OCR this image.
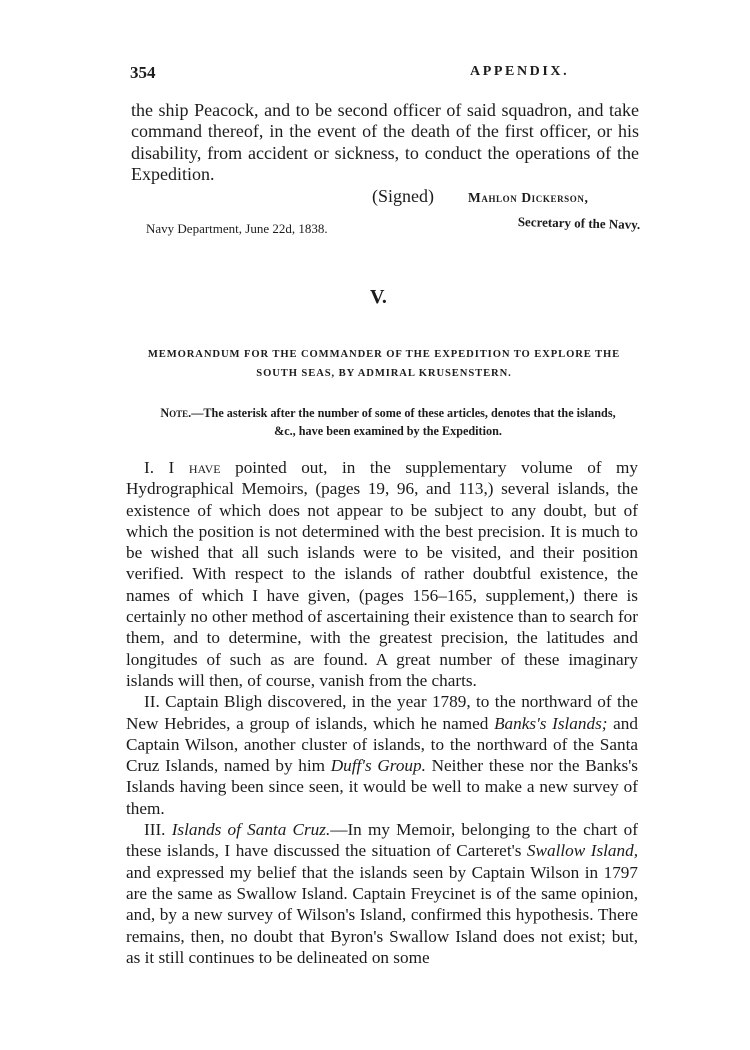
354	APPENDIX.
the ship Peacock, and to be second officer of said squadron, and take command thereof, in the event of the death of the first officer, or his disability, from accident or sickness, to conduct the operations of the Expedition.
(Signed)	Mahlon Dickerson,
Secretary of the Navy.
Navy Department, June 22d, 1838.
V.
MEMORANDUM FOR THE COMMANDER OF THE EXPEDITION TO EXPLORE THE
SOUTH SEAS, BY ADMIRAL KRUSENSTERN.
Note.—The asterisk after the number of some of these articles, denotes that the islands, &c., have been examined by the Expedition.

I. I have pointed out, in the supplementary volume of my Hydrographical Memoirs, (pages 19, 96, and 113,) several islands, the existence of which does not appear to be subject to any doubt, but of which the position is not determined with the best precision. It is much to be wished that all such islands were to be visited, and their position verified. With respect to the islands of rather doubtful existence, the names of which I have given, (pages 156–165, supplement,) there is certainly no other method of ascertaining their existence than to search for them, and to determine, with the greatest precision, the latitudes and longitudes of such as are found. A great number of these imaginary islands will then, of course, vanish from the charts.

II. Captain Bligh discovered, in the year 1789, to the northward of the New Hebrides, a group of islands, which he named Banks's Islands; and Captain Wilson, another cluster of islands, to the northward of the Santa Cruz Islands, named by him Duff's Group. Neither these nor the Banks's Islands having been since seen, it would be well to make a new survey of them.

III. Islands of Santa Cruz.—In my Memoir, belonging to the chart of these islands, I have discussed the situation of Carteret's Swallow Island, and expressed my belief that the islands seen by Captain Wilson in 1797 are the same as Swallow Island. Captain Freycinet is of the same opinion, and, by a new survey of Wilson's Island, confirmed this hypothesis. There remains, then, no doubt that Byron's Swallow Island does not exist; but, as it still continues to be delineated on some
